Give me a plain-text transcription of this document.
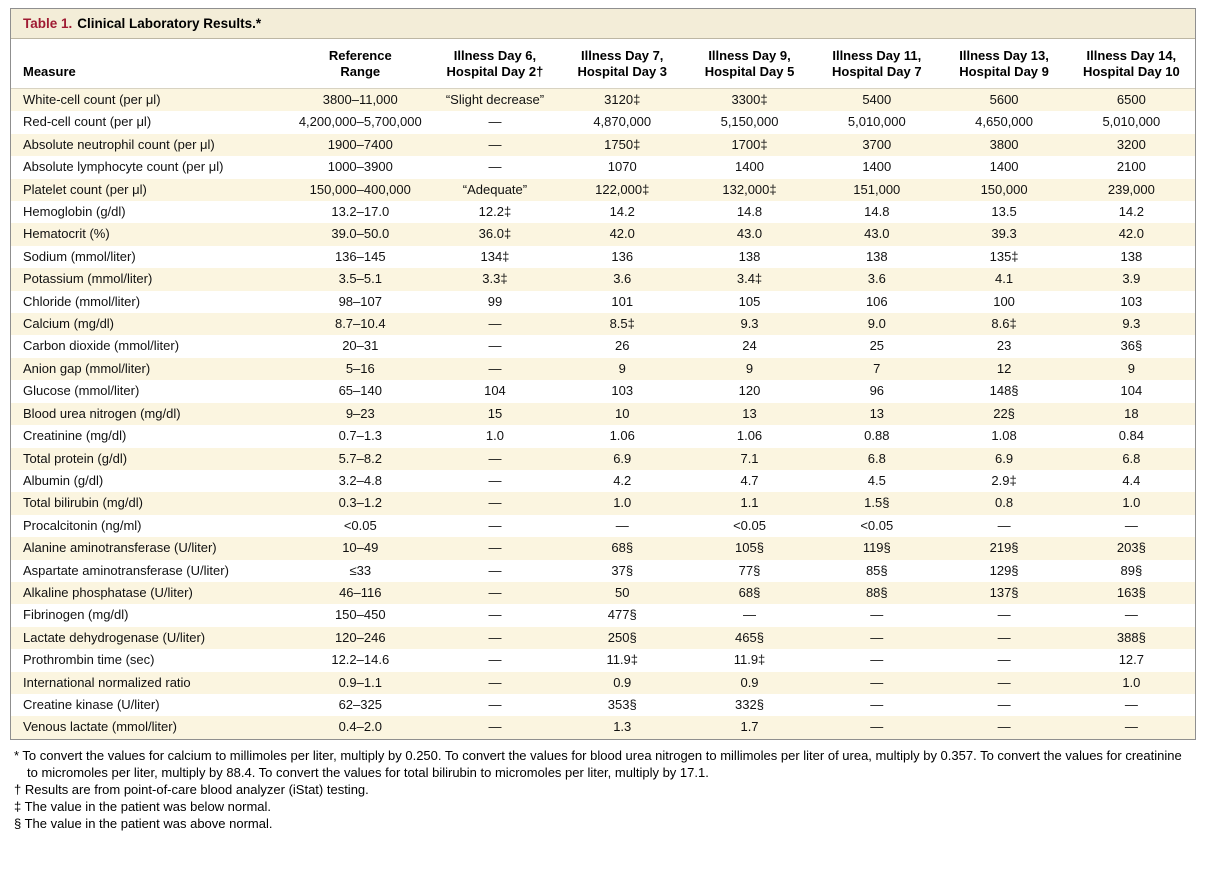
Table 1. Clinical Laboratory Results.*
Measure

Reference
Range

Illness Day 6,
Hospital Day 2†

Illness Day 7,
Hospital Day 3

Illness Day 9,
Hospital Day 5

Illness Day 11,
Hospital Day 7

Illness Day 13,
Hospital Day 9

Illness Day 14,
Hospital Day 10

White-cell count (per μl)	3800–11,000	“Slight decrease”	3120‡	3300‡	5400	5600	6500
Red-cell count (per μl)	4,200,000–5,700,000	—	4,870,000	5,150,000	5,010,000	4,650,000	5,010,000
Absolute neutrophil count (per μl)	1900–7400	—	1750‡	1700‡	3700	3800	3200
Absolute lymphocyte count (per μl)	1000–3900	—	1070	1400	1400	1400	2100
Platelet count (per μl)	150,000–400,000	“Adequate”	122,000‡	132,000‡	151,000	150,000	239,000
Hemoglobin (g/dl)	13.2–17.0	12.2‡	14.2	14.8	14.8	13.5	14.2
Hematocrit (%)	39.0–50.0	36.0‡	42.0	43.0	43.0	39.3	42.0
Sodium (mmol/liter)	136–145	134‡	136	138	138	135‡	138
Potassium (mmol/liter)	3.5–5.1	3.3‡	3.6	3.4‡	3.6	4.1	3.9
Chloride (mmol/liter)	98–107	99	101	105	106	100	103
Calcium (mg/dl)	8.7–10.4	—	8.5‡	9.3	9.0	8.6‡	9.3
Carbon dioxide (mmol/liter)	20–31	—	26	24	25	23	36§
Anion gap (mmol/liter)	5–16	—	9	9	7	12	9
Glucose (mmol/liter)	65–140	104	103	120	96	148§	104
Blood urea nitrogen (mg/dl)	9–23	15	10	13	13	22§	18
Creatinine (mg/dl)	0.7–1.3	1.0	1.06	1.06	0.88	1.08	0.84
Total protein (g/dl)	5.7–8.2	—	6.9	7.1	6.8	6.9	6.8
Albumin (g/dl)	3.2–4.8	—	4.2	4.7	4.5	2.9‡	4.4
Total bilirubin (mg/dl)	0.3–1.2	—	1.0	1.1	1.5§	0.8	1.0
Procalcitonin (ng/ml)	<0.05	—	—	<0.05	<0.05	—	—
Alanine aminotransferase (U/liter)	10–49	—	68§	105§	119§	219§	203§
Aspartate aminotransferase (U/liter)	≤33	—	37§	77§	85§	129§	89§
Alkaline phosphatase (U/liter)	46–116	—	50	68§	88§	137§	163§
Fibrinogen (mg/dl)	150–450	—	477§	—	—	—	—
Lactate dehydrogenase (U/liter)	120–246	—	250§	465§	—	—	388§
Prothrombin time (sec)	12.2–14.6	—	11.9‡	11.9‡	—	—	12.7
International normalized ratio	0.9–1.1	—	0.9	0.9	—	—	1.0
Creatine kinase (U/liter)	62–325	—	353§	332§	—	—	—
Venous lactate (mmol/liter)	0.4–2.0	—	1.3	1.7	—	—	—
* To convert the values for calcium to millimoles per liter, multiply by 0.250. To convert the values for blood urea nitrogen to millimoles per liter of urea, multiply by 0.357. To convert the values for creatinine to micromoles per liter, multiply by 88.4. To convert the values for total bilirubin to micromoles per liter, multiply by 17.1.
† Results are from point-of-care blood analyzer (iStat) testing.
‡ The value in the patient was below normal.
§ The value in the patient was above normal.
